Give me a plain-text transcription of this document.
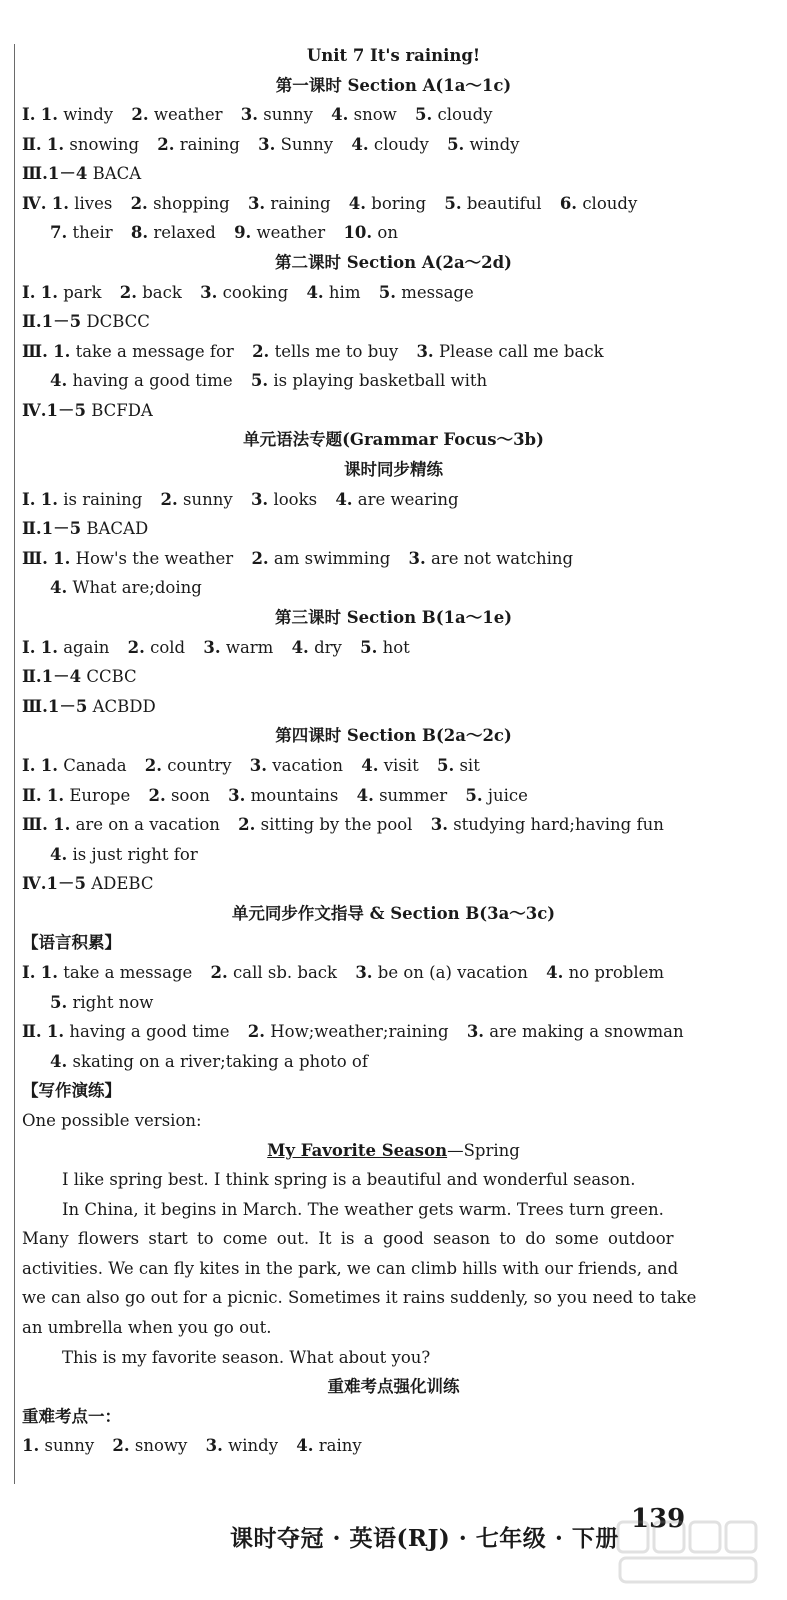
Unit 7 It's raining!
第一课时 Section A(1a～1c)
Ⅰ. 1. windy 2. weather 3. sunny 4. snow 5. cloudy
Ⅱ. 1. snowing 2. raining 3. Sunny 4. cloudy 5. windy
Ⅲ.1－4 BACA
Ⅳ. 1. lives 2. shopping 3. raining 4. boring 5. beautiful 6. cloudy
7. their 8. relaxed 9. weather 10. on
第二课时 Section A(2a～2d)
Ⅰ. 1. park 2. back 3. cooking 4. him 5. message
Ⅱ.1－5 DCBCC
Ⅲ. 1. take a message for 2. tells me to buy 3. Please call me back
4. having a good time 5. is playing basketball with
Ⅳ.1－5 BCFDA
单元语法专题(Grammar Focus～3b)
课时同步精练
Ⅰ. 1. is raining 2. sunny 3. looks 4. are wearing
Ⅱ.1－5 BACAD
Ⅲ. 1. How's the weather 2. am swimming 3. are not watching
4. What are;doing
第三课时 Section B(1a～1e)
Ⅰ. 1. again 2. cold 3. warm 4. dry 5. hot
Ⅱ.1－4 CCBC
Ⅲ.1－5 ACBDD
第四课时 Section B(2a～2c)
Ⅰ. 1. Canada 2. country 3. vacation 4. visit 5. sit
Ⅱ. 1. Europe 2. soon 3. mountains 4. summer 5. juice
Ⅲ. 1. are on a vacation 2. sitting by the pool 3. studying hard;having fun
4. is just right for
Ⅳ.1－5 ADEBC
单元同步作文指导 & Section B(3a～3c)
【语言积累】
Ⅰ. 1. take a message 2. call sb. back 3. be on (a) vacation 4. no problem
5. right now
Ⅱ. 1. having a good time 2. How;weather;raining 3. are making a snowman
4. skating on a river;taking a photo of
【写作演练】
One possible version:
My Favorite Season—Spring
I like spring best. I think spring is a beautiful and wonderful season.
In China, it begins in March. The weather gets warm. Trees turn green.
Many flowers start to come out. It is a good season to do some outdoor
activities. We can fly kites in the park, we can climb hills with our friends, and
we can also go out for a picnic. Sometimes it rains suddenly, so you need to take
an umbrella when you go out.
This is my favorite season. What about you?
重难考点强化训练
重难考点一：
1. sunny 2. snowy 3. windy 4. rainy
课时夺冠 · 英语(RJ) · 七年级 · 下册
139
